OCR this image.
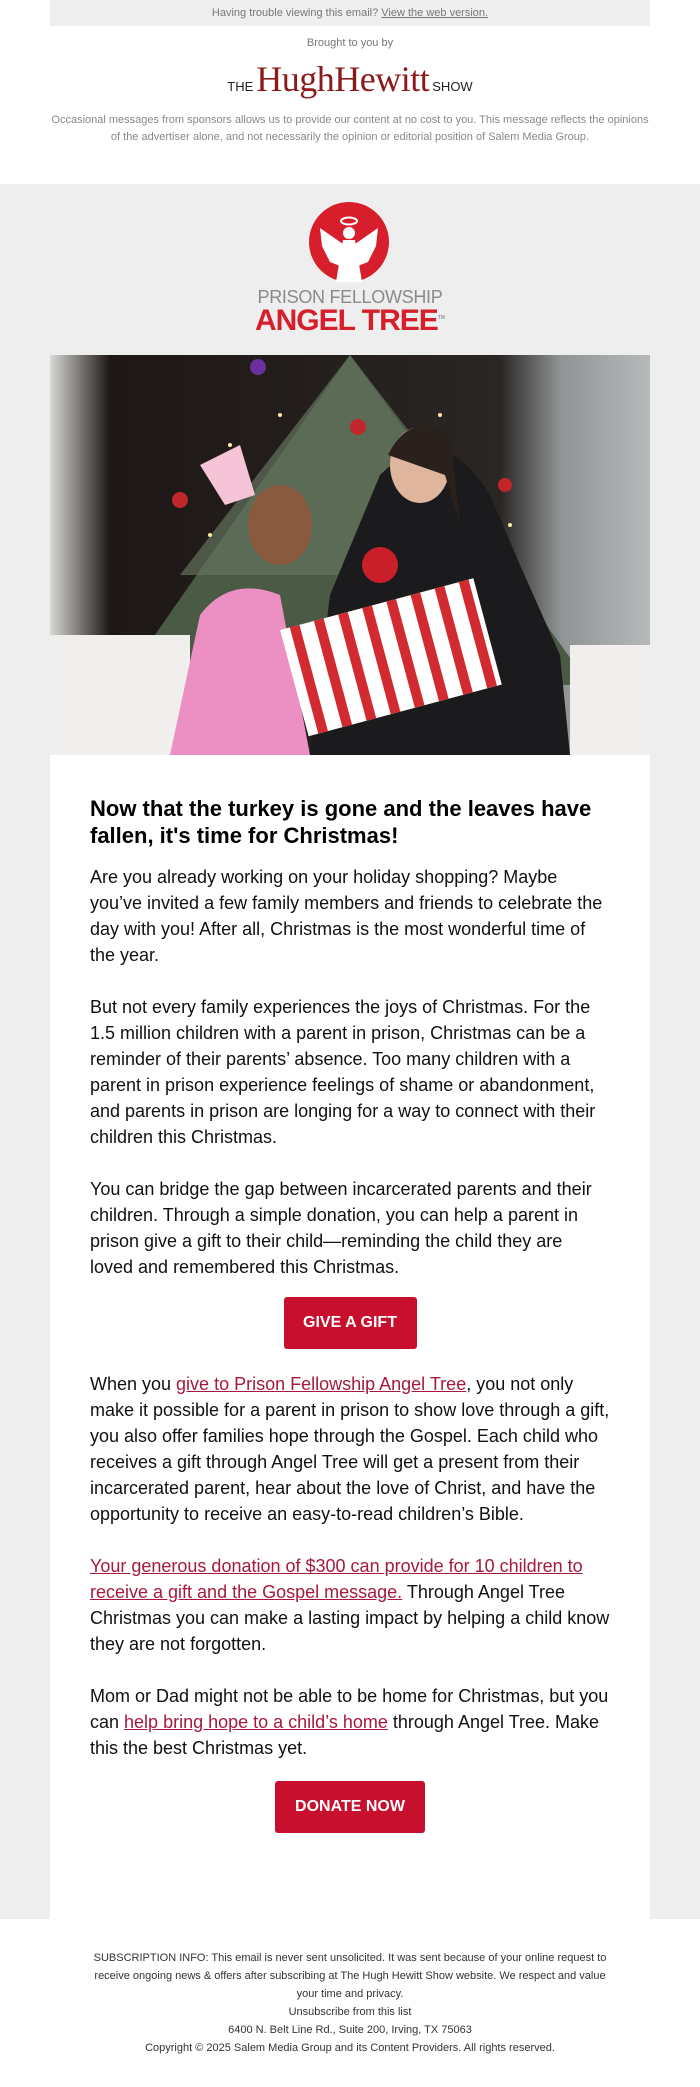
Having trouble viewing this email? View the web version.
Brought to you by
THEHughHewitt SHOW
Occasional messages from sponsors allows us to provide our content at no cost to you. This message reflects the opinions of the advertiser alone, and not necessarily the opinion or editorial position of Salem Media Group.
PRISON FELLOWSHIP
ANGEL TREE™
Now that the turkey is gone and the leaves have fallen, it's time for Christmas!

Are you already working on your holiday shopping? Maybe you’ve invited a few family members and friends to celebrate the day with you! After all, Christmas is the most wonderful time of the year.

But not every family experiences the joys of Christmas. For the 1.5 million children with a parent in prison, Christmas can be a reminder of their parents’ absence. Too many children with a parent in prison experience feelings of shame or abandonment, and parents in prison are longing for a way to connect with their children this Christmas.

You can bridge the gap between incarcerated parents and their children. Through a simple donation, you can help a parent in prison give a gift to their child—reminding the child they are loved and remembered this Christmas.

GIVE A GIFT

When you give to Prison Fellowship Angel Tree, you not only make it possible for a parent in prison to show love through a gift, you also offer families hope through the Gospel. Each child who receives a gift through Angel Tree will get a present from their incarcerated parent, hear about the love of Christ, and have the opportunity to receive an easy-to-read children’s Bible.

Your generous donation of $300 can provide for 10 children to receive a gift and the Gospel message. Through Angel Tree Christmas you can make a lasting impact by helping a child know they are not forgotten.

Mom or Dad might not be able to be home for Christmas, but you can help bring hope to a child’s home through Angel Tree. Make this the best Christmas yet.

DONATE NOW
SUBSCRIPTION INFO: This email is never sent unsolicited. It was sent because of your online request to receive ongoing news & offers after subscribing at The Hugh Hewitt Show website. We respect and value your time and privacy.
Unsubscribe from this list
6400 N. Belt Line Rd., Suite 200, Irving, TX 75063
Copyright © 2025 Salem Media Group and its Content Providers. All rights reserved.
